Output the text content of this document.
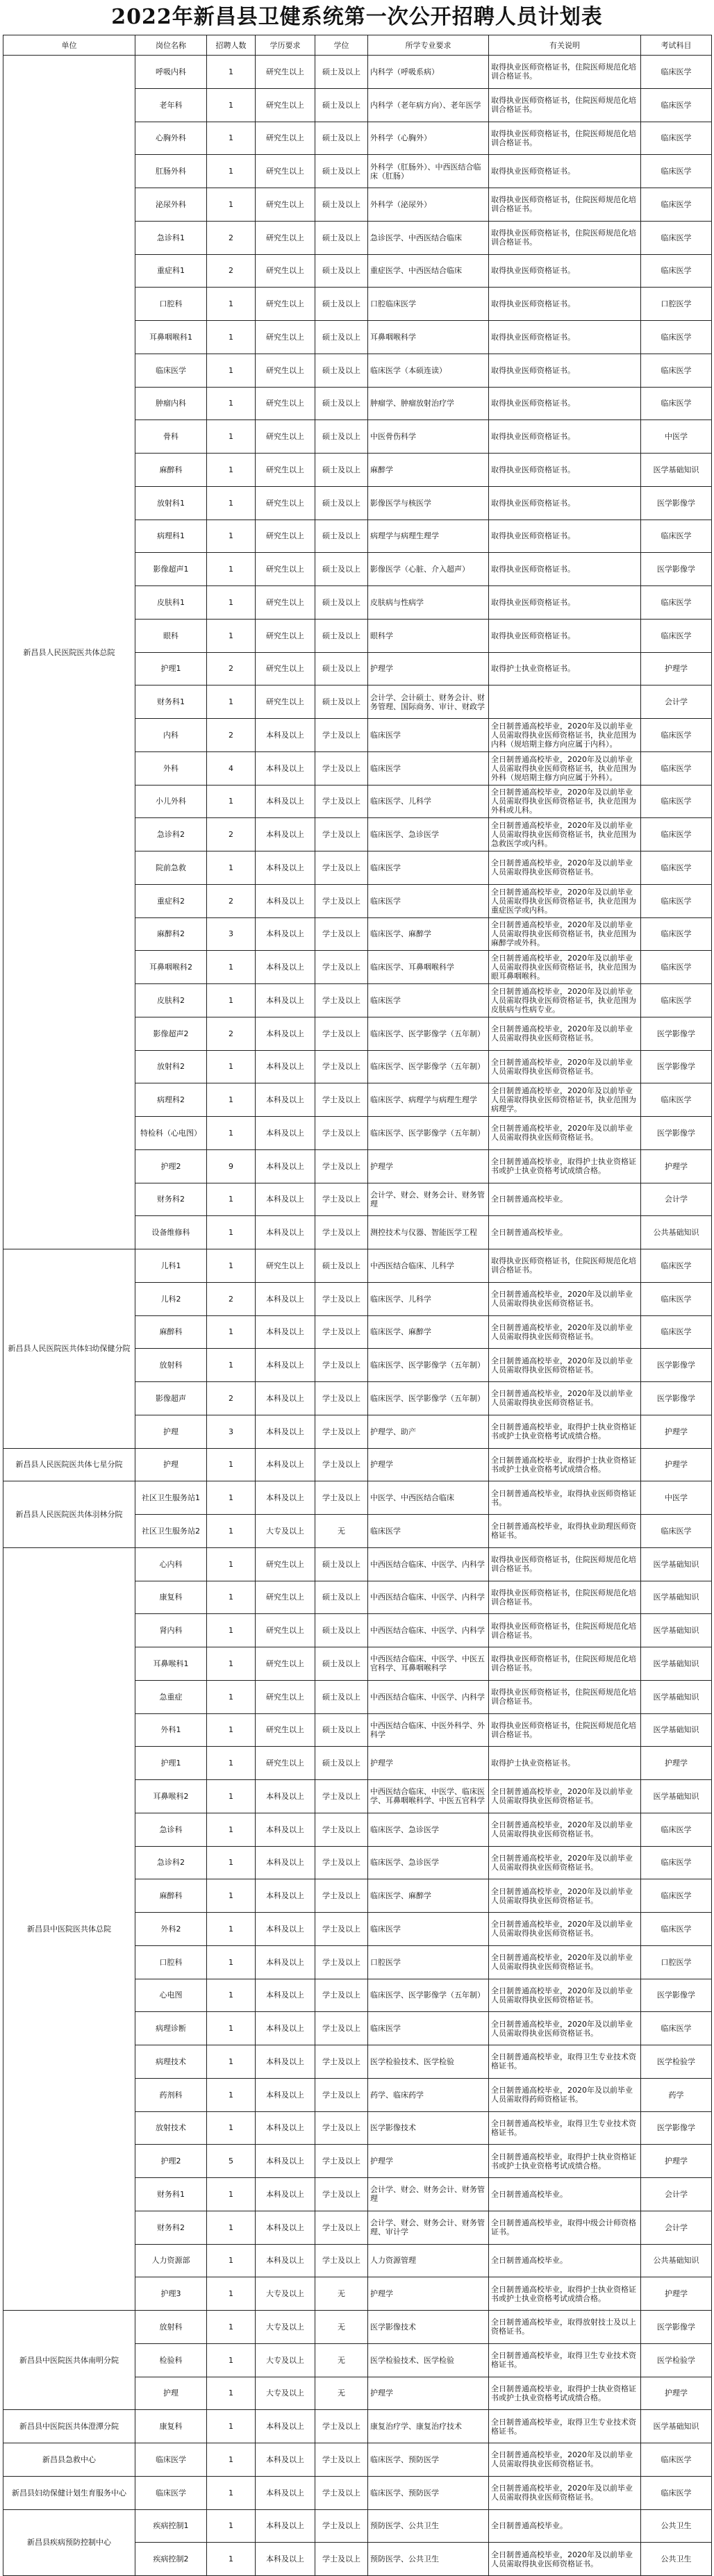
2022年新昌县卫健系统第一次公开招聘人员计划表
单位	岗位名称	招聘人数	学历要求	学位	所学专业要求	有关说明	考试科目
新昌县人民医院医共体总院	呼吸内科	1	研究生以上	硕士及以上	内科学（呼吸系病）	取得执业医师资格证书，住院医师规范化培训合格证书。	临床医学
	老年科	1	研究生以上	硕士及以上	内科学（老年病方向）、老年医学	取得执业医师资格证书，住院医师规范化培训合格证书。	临床医学
	心胸外科	1	研究生以上	硕士及以上	外科学（心胸外）	取得执业医师资格证书，住院医师规范化培训合格证书。	临床医学
	肛肠外科	1	研究生以上	硕士及以上	外科学（肛肠外）、中西医结合临床（肛肠）	取得执业医师资格证书。	临床医学
	泌尿外科	1	研究生以上	硕士及以上	外科学（泌尿外）	取得执业医师资格证书，住院医师规范化培训合格证书。	临床医学
	急诊科1	2	研究生以上	硕士及以上	急诊医学、中西医结合临床	取得执业医师资格证书，住院医师规范化培训合格证书。	临床医学
	重症科1	2	研究生以上	硕士及以上	重症医学、中西医结合临床	取得执业医师资格证书。	临床医学
	口腔科	1	研究生以上	硕士及以上	口腔临床医学	取得执业医师资格证书。	口腔医学
	耳鼻咽喉科1	1	研究生以上	硕士及以上	耳鼻咽喉科学	取得执业医师资格证书。	临床医学
	临床医学	1	研究生以上	硕士及以上	临床医学（本硕连读）	取得执业医师资格证书。	临床医学
	肿瘤内科	1	研究生以上	硕士及以上	肿瘤学、肿瘤放射治疗学	取得执业医师资格证书。	临床医学
	骨科	1	研究生以上	硕士及以上	中医骨伤科学	取得执业医师资格证书。	中医学
	麻醉科	1	研究生以上	硕士及以上	麻醉学	取得执业医师资格证书。	医学基础知识
	放射科1	1	研究生以上	硕士及以上	影像医学与核医学	取得执业医师资格证书。	医学影像学
	病理科1	1	研究生以上	硕士及以上	病理学与病理生理学	取得执业医师资格证书。	临床医学
	影像超声1	1	研究生以上	硕士及以上	影像医学（心脏、介入超声）	取得执业医师资格证书。	医学影像学
	皮肤科1	1	研究生以上	硕士及以上	皮肤病与性病学	取得执业医师资格证书。	临床医学
	眼科	1	研究生以上	硕士及以上	眼科学	取得执业医师资格证书。	临床医学
	护理1	2	研究生以上	硕士及以上	护理学	取得护士执业资格证书。	护理学
	财务科1	1	研究生以上	硕士及以上	会计学、会计硕士、财务会计、财务管理、国际商务、审计、财政学		会计学
	内科	2	本科及以上	学士及以上	临床医学	全日制普通高校毕业，2020年及以前毕业人员需取得执业医师资格证书，执业范围为内科（规培期主修方向应属于内科）。	临床医学
	外科	4	本科及以上	学士及以上	临床医学	全日制普通高校毕业，2020年及以前毕业人员需取得执业医师资格证书，执业范围为外科（规培期主修方向应属于外科）。	临床医学
	小儿外科	1	本科及以上	学士及以上	临床医学、儿科学	全日制普通高校毕业，2020年及以前毕业人员需取得执业医师资格证书，执业范围为外科或儿科。	临床医学
	急诊科2	2	本科及以上	学士及以上	临床医学、急诊医学	全日制普通高校毕业，2020年及以前毕业人员需取得执业医师资格证书，执业范围为急救医学或内科。	临床医学
	院前急救	1	本科及以上	学士及以上	临床医学	全日制普通高校毕业，2020年及以前毕业人员需取得执业医师资格证书。	临床医学
	重症科2	2	本科及以上	学士及以上	临床医学	全日制普通高校毕业，2020年及以前毕业人员需取得执业医师资格证书，执业范围为重症医学或内科。	临床医学
	麻醉科2	3	本科及以上	学士及以上	临床医学、麻醉学	全日制普通高校毕业，2020年及以前毕业人员需取得执业医师资格证书，执业范围为麻醉学或外科。	临床医学
	耳鼻咽喉科2	1	本科及以上	学士及以上	临床医学、耳鼻咽喉科学	全日制普通高校毕业，2020年及以前毕业人员需取得执业医师资格证书，执业范围为眼耳鼻咽喉科。	临床医学
	皮肤科2	1	本科及以上	学士及以上	临床医学	全日制普通高校毕业，2020年及以前毕业人员需取得执业医师资格证书，执业范围为皮肤病与性病专业。	临床医学
	影像超声2	2	本科及以上	学士及以上	临床医学、医学影像学（五年制）	全日制普通高校毕业，2020年及以前毕业人员需取得执业医师资格证书。	医学影像学
	放射科2	1	本科及以上	学士及以上	临床医学、医学影像学（五年制）	全日制普通高校毕业，2020年及以前毕业人员需取得执业医师资格证书。	医学影像学
	病理科2	1	本科及以上	学士及以上	临床医学、病理学与病理生理学	全日制普通高校毕业，2020年及以前毕业人员需取得执业医师资格证书，执业范围为病理学。	临床医学
	特检科（心电图）	1	本科及以上	学士及以上	临床医学、医学影像学（五年制）	全日制普通高校毕业，2020年及以前毕业人员需取得执业医师资格证书。	医学影像学
	护理2	9	本科及以上	学士及以上	护理学	全日制普通高校毕业，取得护士执业资格证书或护士执业资格考试成绩合格。	护理学
	财务科2	1	本科及以上	学士及以上	会计学、财会、财务会计、财务管理	全日制普通高校毕业。	会计学
	设备维修科	1	本科及以上	学士及以上	测控技术与仪器、智能医学工程	全日制普通高校毕业。	公共基础知识
新昌县人民医院医共体妇幼保健分院	儿科1	1	研究生以上	硕士及以上	中西医结合临床、儿科学	取得执业医师资格证书，住院医师规范化培训合格证书。	临床医学
	儿科2	2	本科及以上	学士及以上	临床医学、儿科学	全日制普通高校毕业，2020年及以前毕业人员需取得执业医师资格证书。	临床医学
	麻醉科	1	本科及以上	学士及以上	临床医学、麻醉学	全日制普通高校毕业，2020年及以前毕业人员需取得执业医师资格证书。	临床医学
	放射科	1	本科及以上	学士及以上	临床医学、医学影像学（五年制）	全日制普通高校毕业，2020年及以前毕业人员需取得执业医师资格证书。	医学影像学
	影像超声	2	本科及以上	学士及以上	临床医学、医学影像学（五年制）	全日制普通高校毕业，2020年及以前毕业人员需取得执业医师资格证书。	医学影像学
	护理	3	本科及以上	学士及以上	护理学、助产	全日制普通高校毕业，取得护士执业资格证书或护士执业资格考试成绩合格。	护理学
新昌县人民医院医共体七星分院	护理	1	本科及以上	学士及以上	护理学	全日制普通高校毕业，取得护士执业资格证书或护士执业资格考试成绩合格。	护理学
新昌县人民医院医共体羽林分院	社区卫生服务站1	1	本科及以上	学士及以上	中医学、中西医结合临床	全日制普通高校毕业，取得执业医师资格证书。	中医学
	社区卫生服务站2	1	大专及以上	无	临床医学	全日制普通高校毕业，取得执业助理医师资格证书。	临床医学
新昌县中医院医共体总院	心内科	1	研究生以上	硕士及以上	中西医结合临床、中医学、内科学	取得执业医师资格证书，住院医师规范化培训合格证书。	医学基础知识
	康复科	1	研究生以上	硕士及以上	中西医结合临床、中医学、内科学	取得执业医师资格证书，住院医师规范化培训合格证书。	医学基础知识
	肾内科	1	研究生以上	硕士及以上	中西医结合临床、中医学、内科学	取得执业医师资格证书，住院医师规范化培训合格证书。	医学基础知识
	耳鼻喉科1	1	研究生以上	硕士及以上	中西医结合临床、中医学、中医五官科学、耳鼻咽喉科学	取得执业医师资格证书，住院医师规范化培训合格证书。	医学基础知识
	急重症	1	研究生以上	硕士及以上	中西医结合临床、中医学、内科学	取得执业医师资格证书，住院医师规范化培训合格证书。	医学基础知识
	外科1	1	研究生以上	硕士及以上	中西医结合临床、中医外科学、外科学	取得执业医师资格证书，住院医师规范化培训合格证书。	医学基础知识
	护理1	1	研究生以上	硕士及以上	护理学	取得护士执业资格证书。	护理学
	耳鼻喉科2	1	本科及以上	学士及以上	中西医结合临床、中医学、临床医学、耳鼻咽喉科学、中医五官科学	全日制普通高校毕业，2020年及以前毕业人员需取得执业医师资格证书。	医学基础知识
	急诊科	1	本科及以上	学士及以上	临床医学、急诊医学	全日制普通高校毕业，2020年及以前毕业人员需取得执业医师资格证书。	临床医学
	急诊科2	1	本科及以上	学士及以上	临床医学、急诊医学	全日制普通高校毕业，2020年及以前毕业人员需取得执业医师资格证书。	临床医学
	麻醉科	1	本科及以上	学士及以上	临床医学、麻醉学	全日制普通高校毕业，2020年及以前毕业人员需取得执业医师资格证书。	临床医学
	外科2	1	本科及以上	学士及以上	临床医学	全日制普通高校毕业，2020年及以前毕业人员需取得执业医师资格证书。	临床医学
	口腔科	1	本科及以上	学士及以上	口腔医学	全日制普通高校毕业，2020年及以前毕业人员需取得执业医师资格证书。	口腔医学
	心电图	1	本科及以上	学士及以上	临床医学、医学影像学（五年制）	全日制普通高校毕业，2020年及以前毕业人员需取得执业医师资格证书。	医学影像学
	病理诊断	1	本科及以上	学士及以上	临床医学	全日制普通高校毕业，2020年及以前毕业人员需取得执业医师资格证书。	临床医学
	病理技术	1	本科及以上	学士及以上	医学检验技术、医学检验	全日制普通高校毕业，取得卫生专业技术资格证书。	医学检验学
	药剂科	1	本科及以上	学士及以上	药学、临床药学	全日制普通高校毕业，2020年及以前毕业人员需取得药师资格证书。	药学
	放射技术	1	本科及以上	学士及以上	医学影像技术	全日制普通高校毕业，取得卫生专业技术资格证书。	医学影像学
	护理2	5	本科及以上	学士及以上	护理学	全日制普通高校毕业，取得护士执业资格证书或护士执业资格考试成绩合格。	护理学
	财务科1	1	本科及以上	学士及以上	会计学、财会、财务会计、财务管理	全日制普通高校毕业。	会计学
	财务科2	1	本科及以上	学士及以上	会计学、财会、财务会计、财务管理、审计学	全日制普通高校毕业，取得中级会计师资格证书。	会计学
	人力资源部	1	本科及以上	学士及以上	人力资源管理	全日制普通高校毕业。	公共基础知识
	护理3	1	大专及以上	无	护理学	全日制普通高校毕业，取得护士执业资格证书或护士执业资格考试成绩合格。	护理学
新昌县中医院医共体南明分院	放射科	1	大专及以上	无	医学影像技术	全日制普通高校毕业，取得放射技士及以上资格证书。	医学影像学
	检验科	1	大专及以上	无	医学检验技术、医学检验	全日制普通高校毕业，取得卫生专业技术资格证书。	医学检验学
	护理	1	大专及以上	无	护理学	全日制普通高校毕业，取得护士执业资格证书或护士执业资格考试成绩合格。	护理学
新昌县中医院医共体澄潭分院	康复科	1	本科及以上	学士及以上	康复治疗学、康复治疗技术	全日制普通高校毕业，取得卫生专业技术资格证书。	医学基础知识
新昌县急救中心	临床医学	1	本科及以上	学士及以上	临床医学、预防医学	全日制普通高校毕业，2020年及以前毕业人员需取得执业医师资格证书。	临床医学
新昌县妇幼保健计划生育服务中心	临床医学	1	本科及以上	学士及以上	临床医学、预防医学	全日制普通高校毕业，2020年及以前毕业人员需取得执业医师资格证书。	临床医学
新昌县疾病预防控制中心	疾病控制1	1	本科及以上	学士及以上	预防医学、公共卫生	全日制普通高校毕业。	公共卫生
	疾病控制2	1	本科及以上	学士及以上	预防医学、公共卫生	全日制普通高校毕业，2020年及以前毕业人员需取得执业医师资格证书。	公共卫生
